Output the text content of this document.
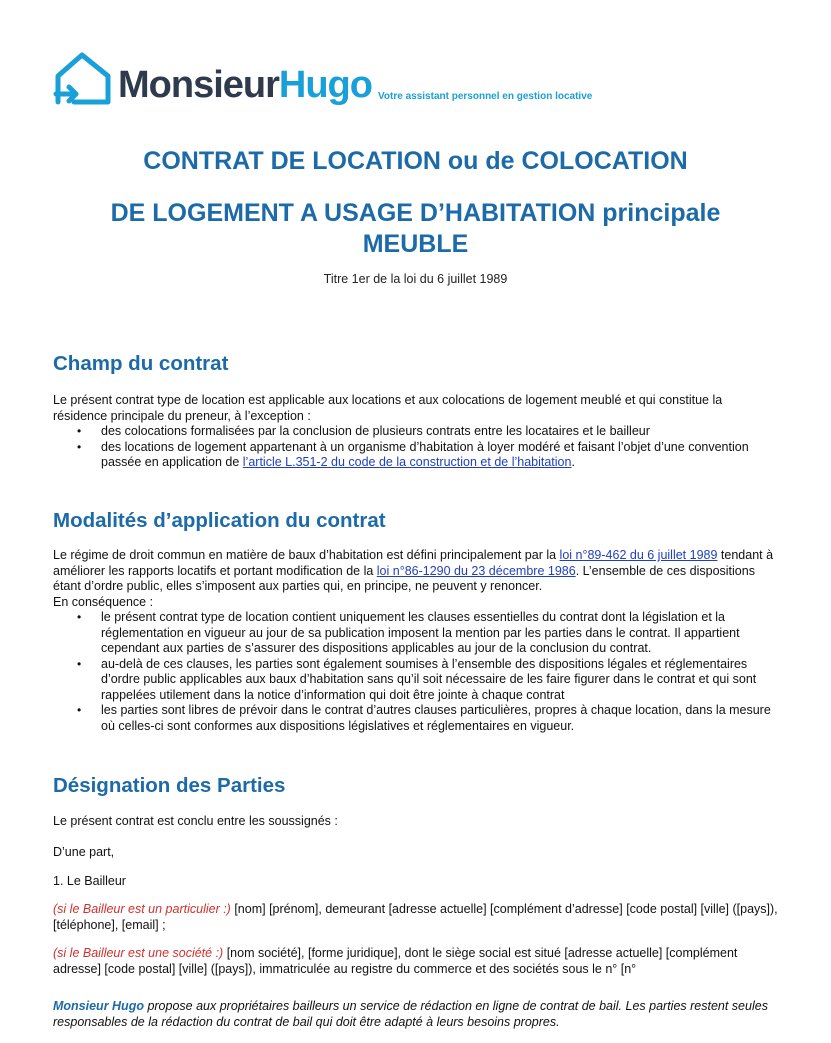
MonsieurHugo Votre assistant personnel en gestion locative
CONTRAT DE LOCATION ou de COLOCATION
DE LOGEMENT A USAGE D’HABITATION principale
MEUBLE
Titre 1er de la loi du 6 juillet 1989
Champ du contrat

Le présent contrat type de location est applicable aux locations et aux colocations de logement meublé et qui constitue la résidence principale du preneur, à l’exception :

• des colocations formalisées par la conclusion de plusieurs contrats entre les locataires et le bailleur
• des locations de logement appartenant à un organisme d’habitation à loyer modéré et faisant l’objet d’une convention passée en application de l’article L.351-2 du code de la construction et de l’habitation.
Modalités d’application du contrat

Le régime de droit commun en matière de baux d’habitation est défini principalement par la loi n°89-462 du 6 juillet 1989 tendant à améliorer les rapports locatifs et portant modification de la loi n°86-1290 du 23 décembre 1986. L’ensemble de ces dispositions étant d’ordre public, elles s’imposent aux parties qui, en principe, ne peuvent y renoncer.

En conséquence :

• le présent contrat type de location contient uniquement les clauses essentielles du contrat dont la législation et la réglementation en vigueur au jour de sa publication imposent la mention par les parties dans le contrat. Il appartient cependant aux parties de s’assurer des dispositions applicables au jour de la conclusion du contrat.
• au-delà de ces clauses, les parties sont également soumises à l’ensemble des dispositions légales et réglementaires d’ordre public applicables aux baux d’habitation sans qu’il soit nécessaire de les faire figurer dans le contrat et qui sont rappelées utilement dans la notice d’information qui doit être jointe à chaque contrat
• les parties sont libres de prévoir dans le contrat d’autres clauses particulières, propres à chaque location, dans la mesure où celles-ci sont conformes aux dispositions législatives et réglementaires en vigueur.
Désignation des Parties

Le présent contrat est conclu entre les soussignés :

D’une part,

1. Le Bailleur

(si le Bailleur est un particulier :) [nom] [prénom], demeurant [adresse actuelle] [complément d’adresse] [code postal] [ville] ([pays]), [téléphone], [email] ;

(si le Bailleur est une société :) [nom société], [forme juridique], dont le siège social est situé [adresse actuelle] [complément adresse] [code postal] [ville] ([pays]), immatriculée au registre du commerce et des sociétés sous le n° [n°

Monsieur Hugo propose aux propriétaires bailleurs un service de rédaction en ligne de contrat de bail. Les parties restent seules responsables de la rédaction du contrat de bail qui doit être adapté à leurs besoins propres.
